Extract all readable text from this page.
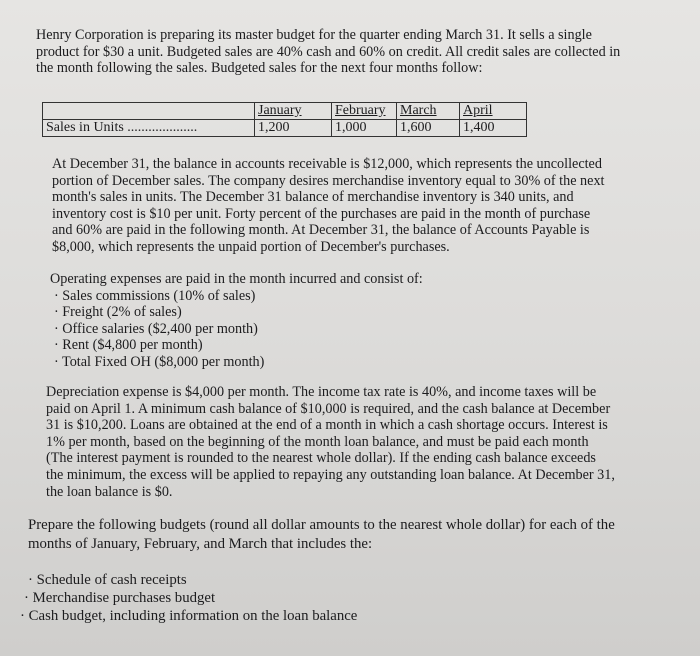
Henry Corporation is preparing its master budget for the quarter ending March 31. It sells a single product for $30 a unit. Budgeted sales are 40% cash and 60% on credit. All credit sales are collected in the month following the sales. Budgeted sales for the next four months follow:

	January	February	March	April
Sales in Units ....................	1,200	1,000	1,600	1,400

At December 31, the balance in accounts receivable is $12,000, which represents the uncollected portion of December sales. The company desires merchandise inventory equal to 30% of the next month's sales in units. The December 31 balance of merchandise inventory is 340 units, and inventory cost is $10 per unit. Forty percent of the purchases are paid in the month of purchase and 60% are paid in the following month. At December 31, the balance of Accounts Payable is $8,000, which represents the unpaid portion of December's purchases.

Operating expenses are paid in the month incurred and consist of:

· Sales commissions (10% of sales)
· Freight (2% of sales)
· Office salaries ($2,400 per month)
· Rent ($4,800 per month)
· Total Fixed OH ($8,000 per month)

Depreciation expense is $4,000 per month. The income tax rate is 40%, and income taxes will be paid on April 1. A minimum cash balance of $10,000 is required, and the cash balance at December 31 is $10,200. Loans are obtained at the end of a month in which a cash shortage occurs. Interest is 1% per month, based on the beginning of the month loan balance, and must be paid each month (The interest payment is rounded to the nearest whole dollar). If the ending cash balance exceeds the minimum, the excess will be applied to repaying any outstanding loan balance. At December 31, the loan balance is $0.

Prepare the following budgets (round all dollar amounts to the nearest whole dollar) for each of the months of January, February, and March that includes the:

· Schedule of cash receipts
· Merchandise purchases budget
· Cash budget, including information on the loan balance
